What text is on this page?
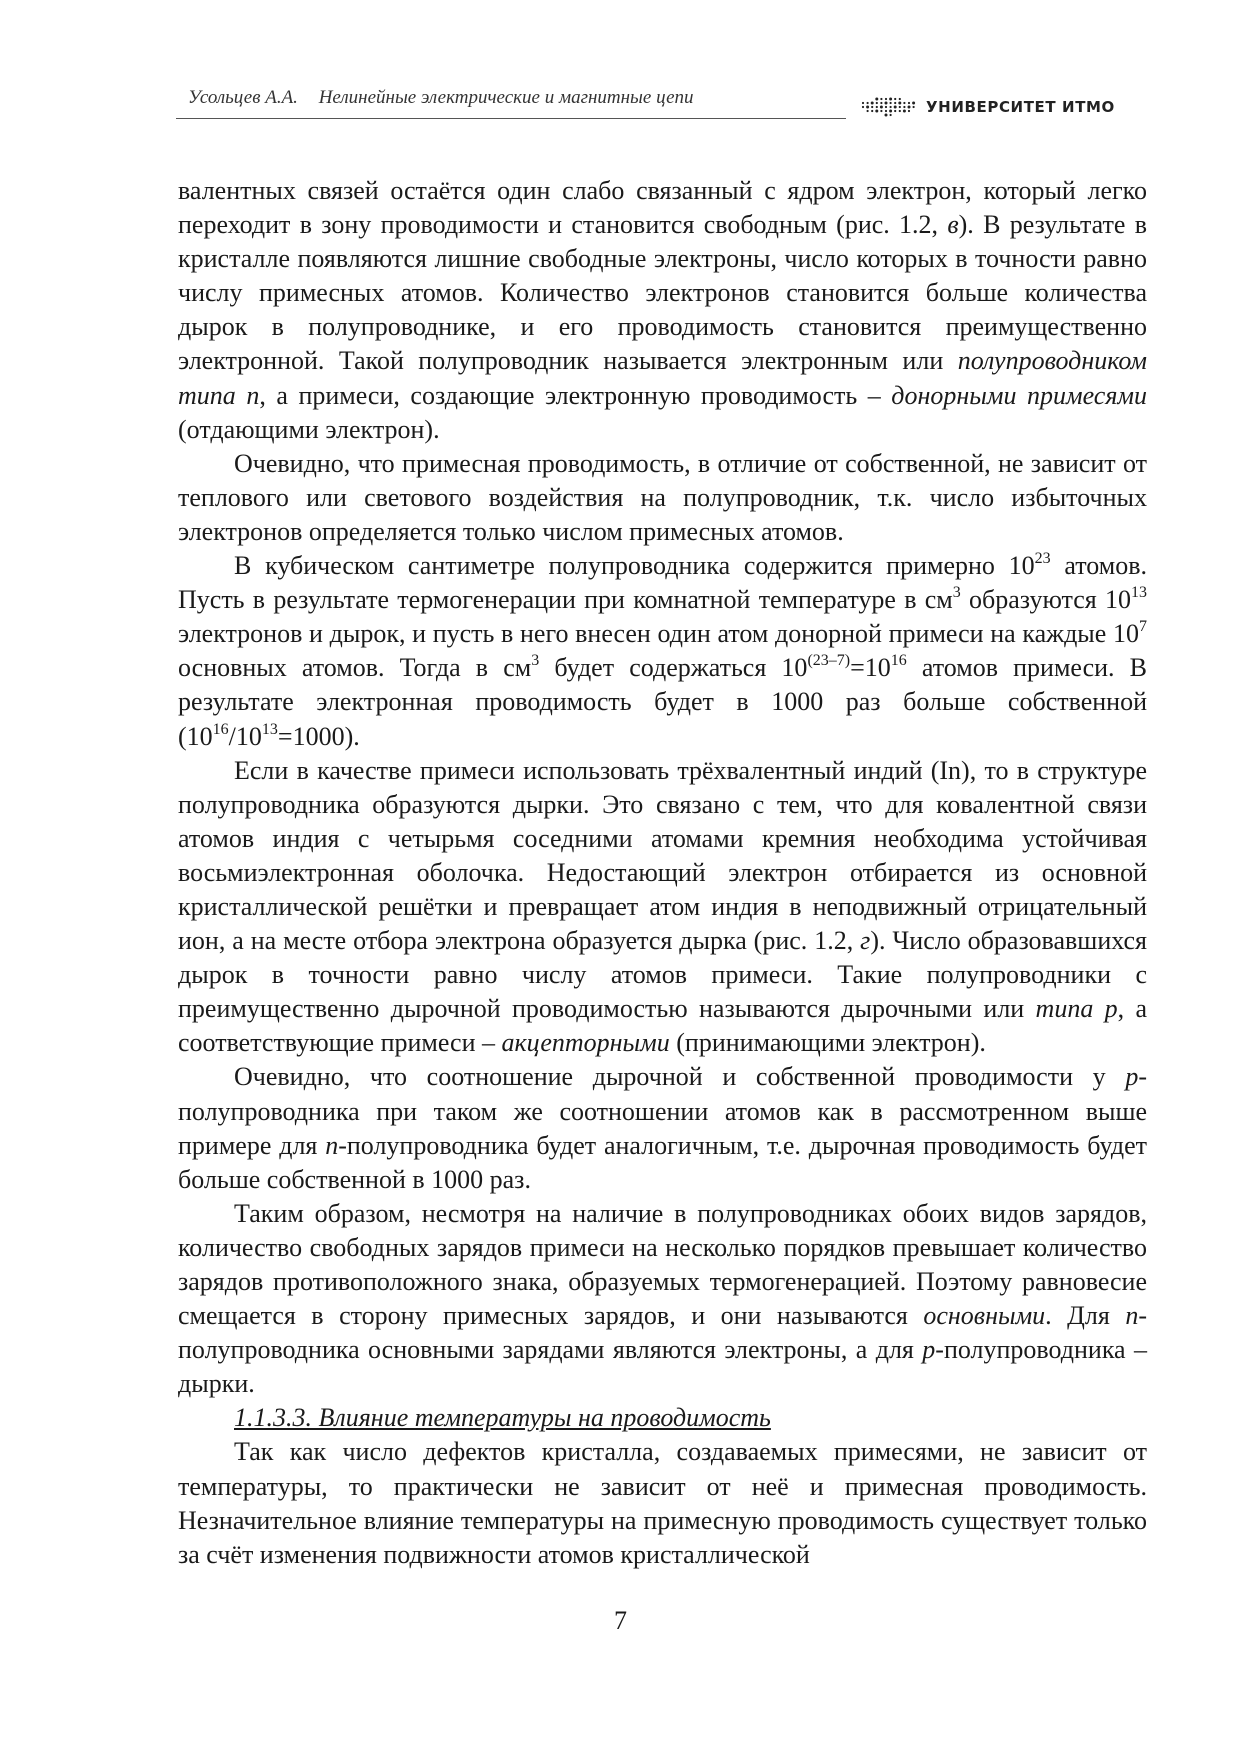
Усольцев А.А. Нелинейные электрические и магнитные цепи	УНИВЕРСИТЕТ ИТМО

валентных связей остаётся один слабо связанный с ядром электрон, который легко переходит в зону проводимости и становится свободным (рис. 1.2, в). В результате в кристалле появляются лишние свободные электроны, число которых в точности равно числу примесных атомов. Количество электронов становится больше количества дырок в полупроводнике, и его проводимость становится преимущественно электронной. Такой полупроводник называется электронным или полупроводником типа n, а примеси, создающие электронную проводимость – донорными примесями (отдающими электрон).

Очевидно, что примесная проводимость, в отличие от собственной, не зависит от теплового или светового воздействия на полупроводник, т.к. число избыточных электронов определяется только числом примесных атомов.

В кубическом сантиметре полупроводника содержится примерно $10^{23}$ атомов. Пусть в результате термогенерации при комнатной температуре в $см^3$ образуются $10^{13}$ электронов и дырок, и пусть в него внесен один атом донорной примеси на каждые $10^7$ основных атомов. Тогда в $см^3$ будет содержаться $10^{(23-7)}=10^{16}$ атомов примеси. В результате электронная проводимость будет в 1000 раз больше собственной $(10^{16}/10^{13}=1000)$.

Если в качестве примеси использовать трёхвалентный индий (In), то в структуре полупроводника образуются дырки. Это связано с тем, что для ковалентной связи атомов индия с четырьмя соседними атомами кремния необходима устойчивая восьмиэлектронная оболочка. Недостающий электрон отбирается из основной кристаллической решётки и превращает атом индия в неподвижный отрицательный ион, а на месте отбора электрона образуется дырка (рис. 1.2, г). Число образовавшихся дырок в точности равно числу атомов примеси. Такие полупроводники с преимущественно дырочной проводимостью называются дырочными или типа p, а соответствующие примеси – акцепторными (принимающими электрон).

Очевидно, что соотношение дырочной и собственной проводимости у p-полупроводника при таком же соотношении атомов как в рассмотренном выше примере для n-полупроводника будет аналогичным, т.е. дырочная проводимость будет больше собственной в 1000 раз.

Таким образом, несмотря на наличие в полупроводниках обоих видов зарядов, количество свободных зарядов примеси на несколько порядков превышает количество зарядов противоположного знака, образуемых термогенерацией. Поэтому равновесие смещается в сторону примесных зарядов, и они называются основными. Для n-полупроводника основными зарядами являются электроны, а для p-полупроводника – дырки.

1.1.3.3. Влияние температуры на проводимость

Так как число дефектов кристалла, создаваемых примесями, не зависит от температуры, то практически не зависит от неё и примесная проводимость. Незначительное влияние температуры на примесную проводимость существует только за счёт изменения подвижности атомов кристаллической

7
